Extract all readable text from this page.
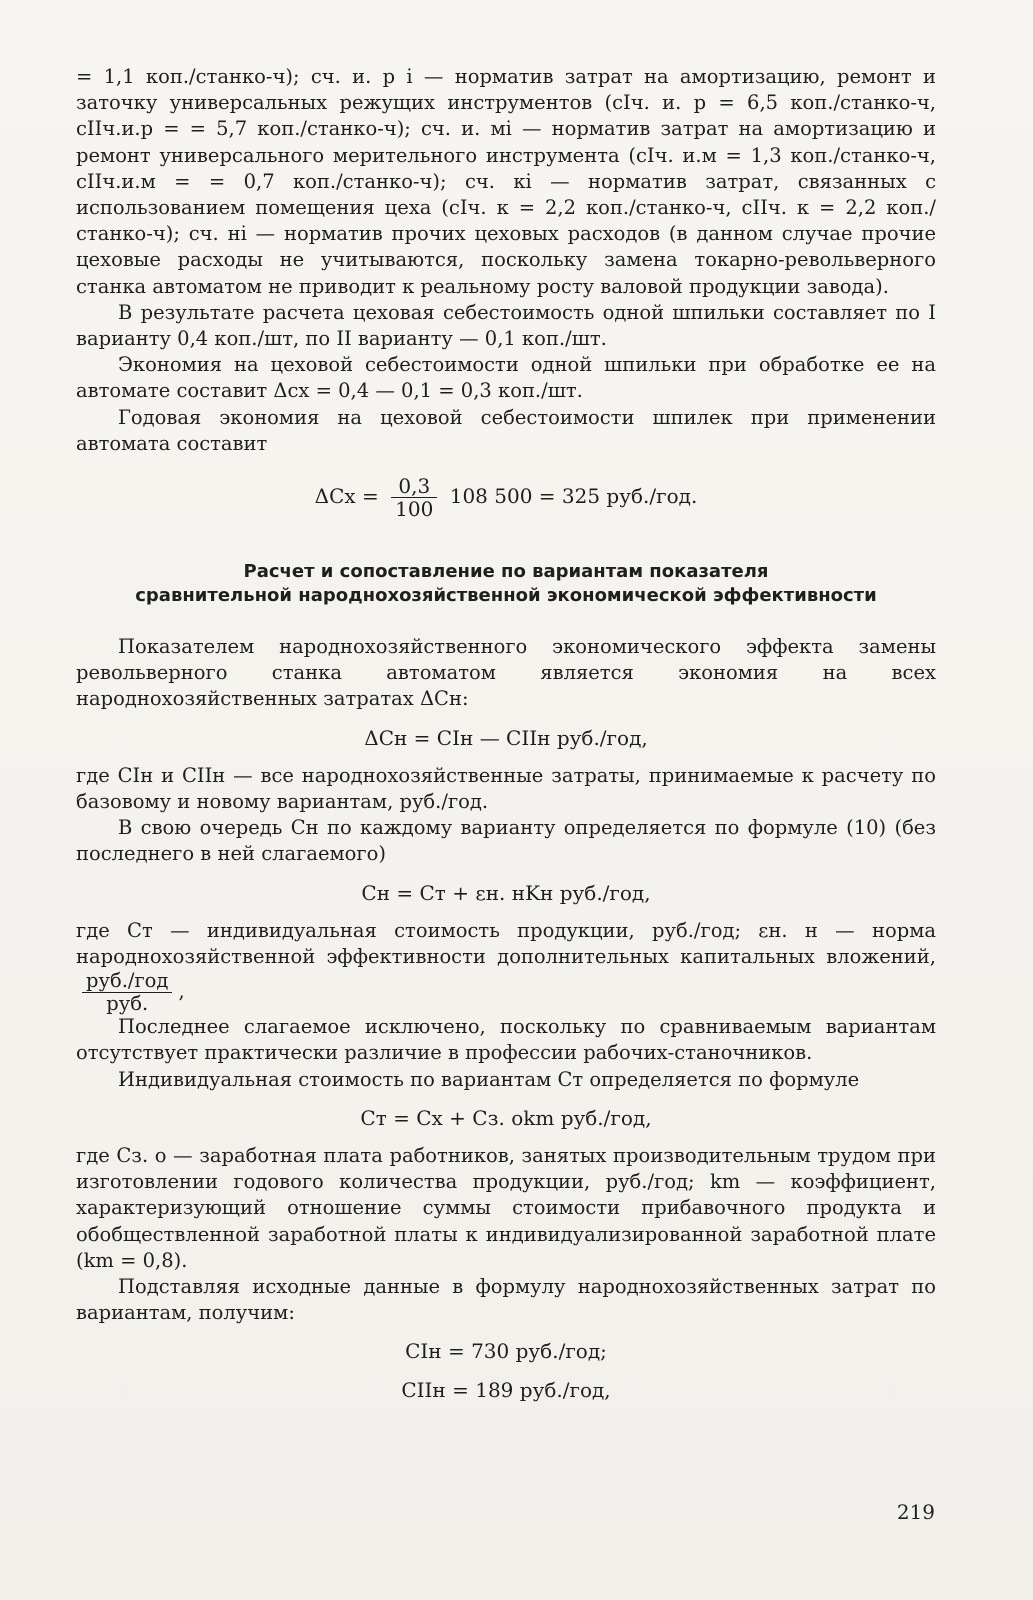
= 1,1 коп./станко-ч); cч. и. р i — норматив затрат на амортизацию, ремонт и заточку универсальных режущих инструментов (cIч. и. р = 6,5 коп./станко-ч, cIIч.и.р = = 5,7 коп./станко-ч); cч. и. мi — норматив затрат на амортизацию и ремонт универсального мерительного инструмента (cIч. и.м = 1,3 коп./станко-ч, cIIч.и.м = = 0,7 коп./станко-ч); cч. кi — норматив затрат, связанных с использованием помещения цеха (cIч. к = 2,2 коп./станко-ч, cIIч. к = 2,2 коп./станко-ч); cч. нi — норматив прочих цеховых расходов (в данном случае прочие цеховые расходы не учитываются, поскольку замена токарно-револьверного станка автоматом не приводит к реальному росту валовой продукции завода).

В результате расчета цеховая себестоимость одной шпильки составляет по I варианту 0,4 коп./шт, по II варианту — 0,1 коп./шт.

Экономия на цеховой себестоимости одной шпильки при обработке ее на автомате составит Δcх = 0,4 — 0,1 = 0,3 коп./шт.

Годовая экономия на цеховой себестоимости шпилек при применении автомата составит

$\Delta Cх = \frac{0,3}{100} 108$ 500 = 325 руб./год.
Расчет и сопоставление по вариантам показателя
сравнительной народнохозяйственной экономической эффективности

Показателем народнохозяйственного экономического эффекта замены револьверного станка автоматом является экономия на всех народнохозяйственных затратах ΔCн:

ΔCн = CIн — CIIн руб./год,

где CIн и CIIн — все народнохозяйственные затраты, принимаемые к расчету по базовому и новому вариантам, руб./год.

В свою очередь Cн по каждому варианту определяется по формуле (10) (без последнего в ней слагаемого)

Cн = Cт + εн. нKн руб./год,

где Cт — индивидуальная стоимость продукции, руб./год; εн. н — норма народнохозяйственной эффективности дополнительных капитальных вложений,
$\frac{\text{руб./год}}{\text{руб.}}$ ,

Последнее слагаемое исключено, поскольку по сравниваемым вариантам отсутствует практически различие в профессии рабочих-станочников.

Индивидуальная стоимость по вариантам Cт определяется по формуле

Cт = Cх + Cз. оkm руб./год,

где Cз. о — заработная плата работников, занятых производительным трудом при изготовлении годового количества продукции, руб./год; km — коэффициент, характеризующий отношение суммы стоимости прибавочного продукта и обобществленной заработной платы к индивидуализированной заработной плате (km = 0,8).

Подставляя исходные данные в формулу народнохозяйственных затрат по вариантам, получим:

CIн = 730 руб./год;
CIIн = 189 руб./год,
219
